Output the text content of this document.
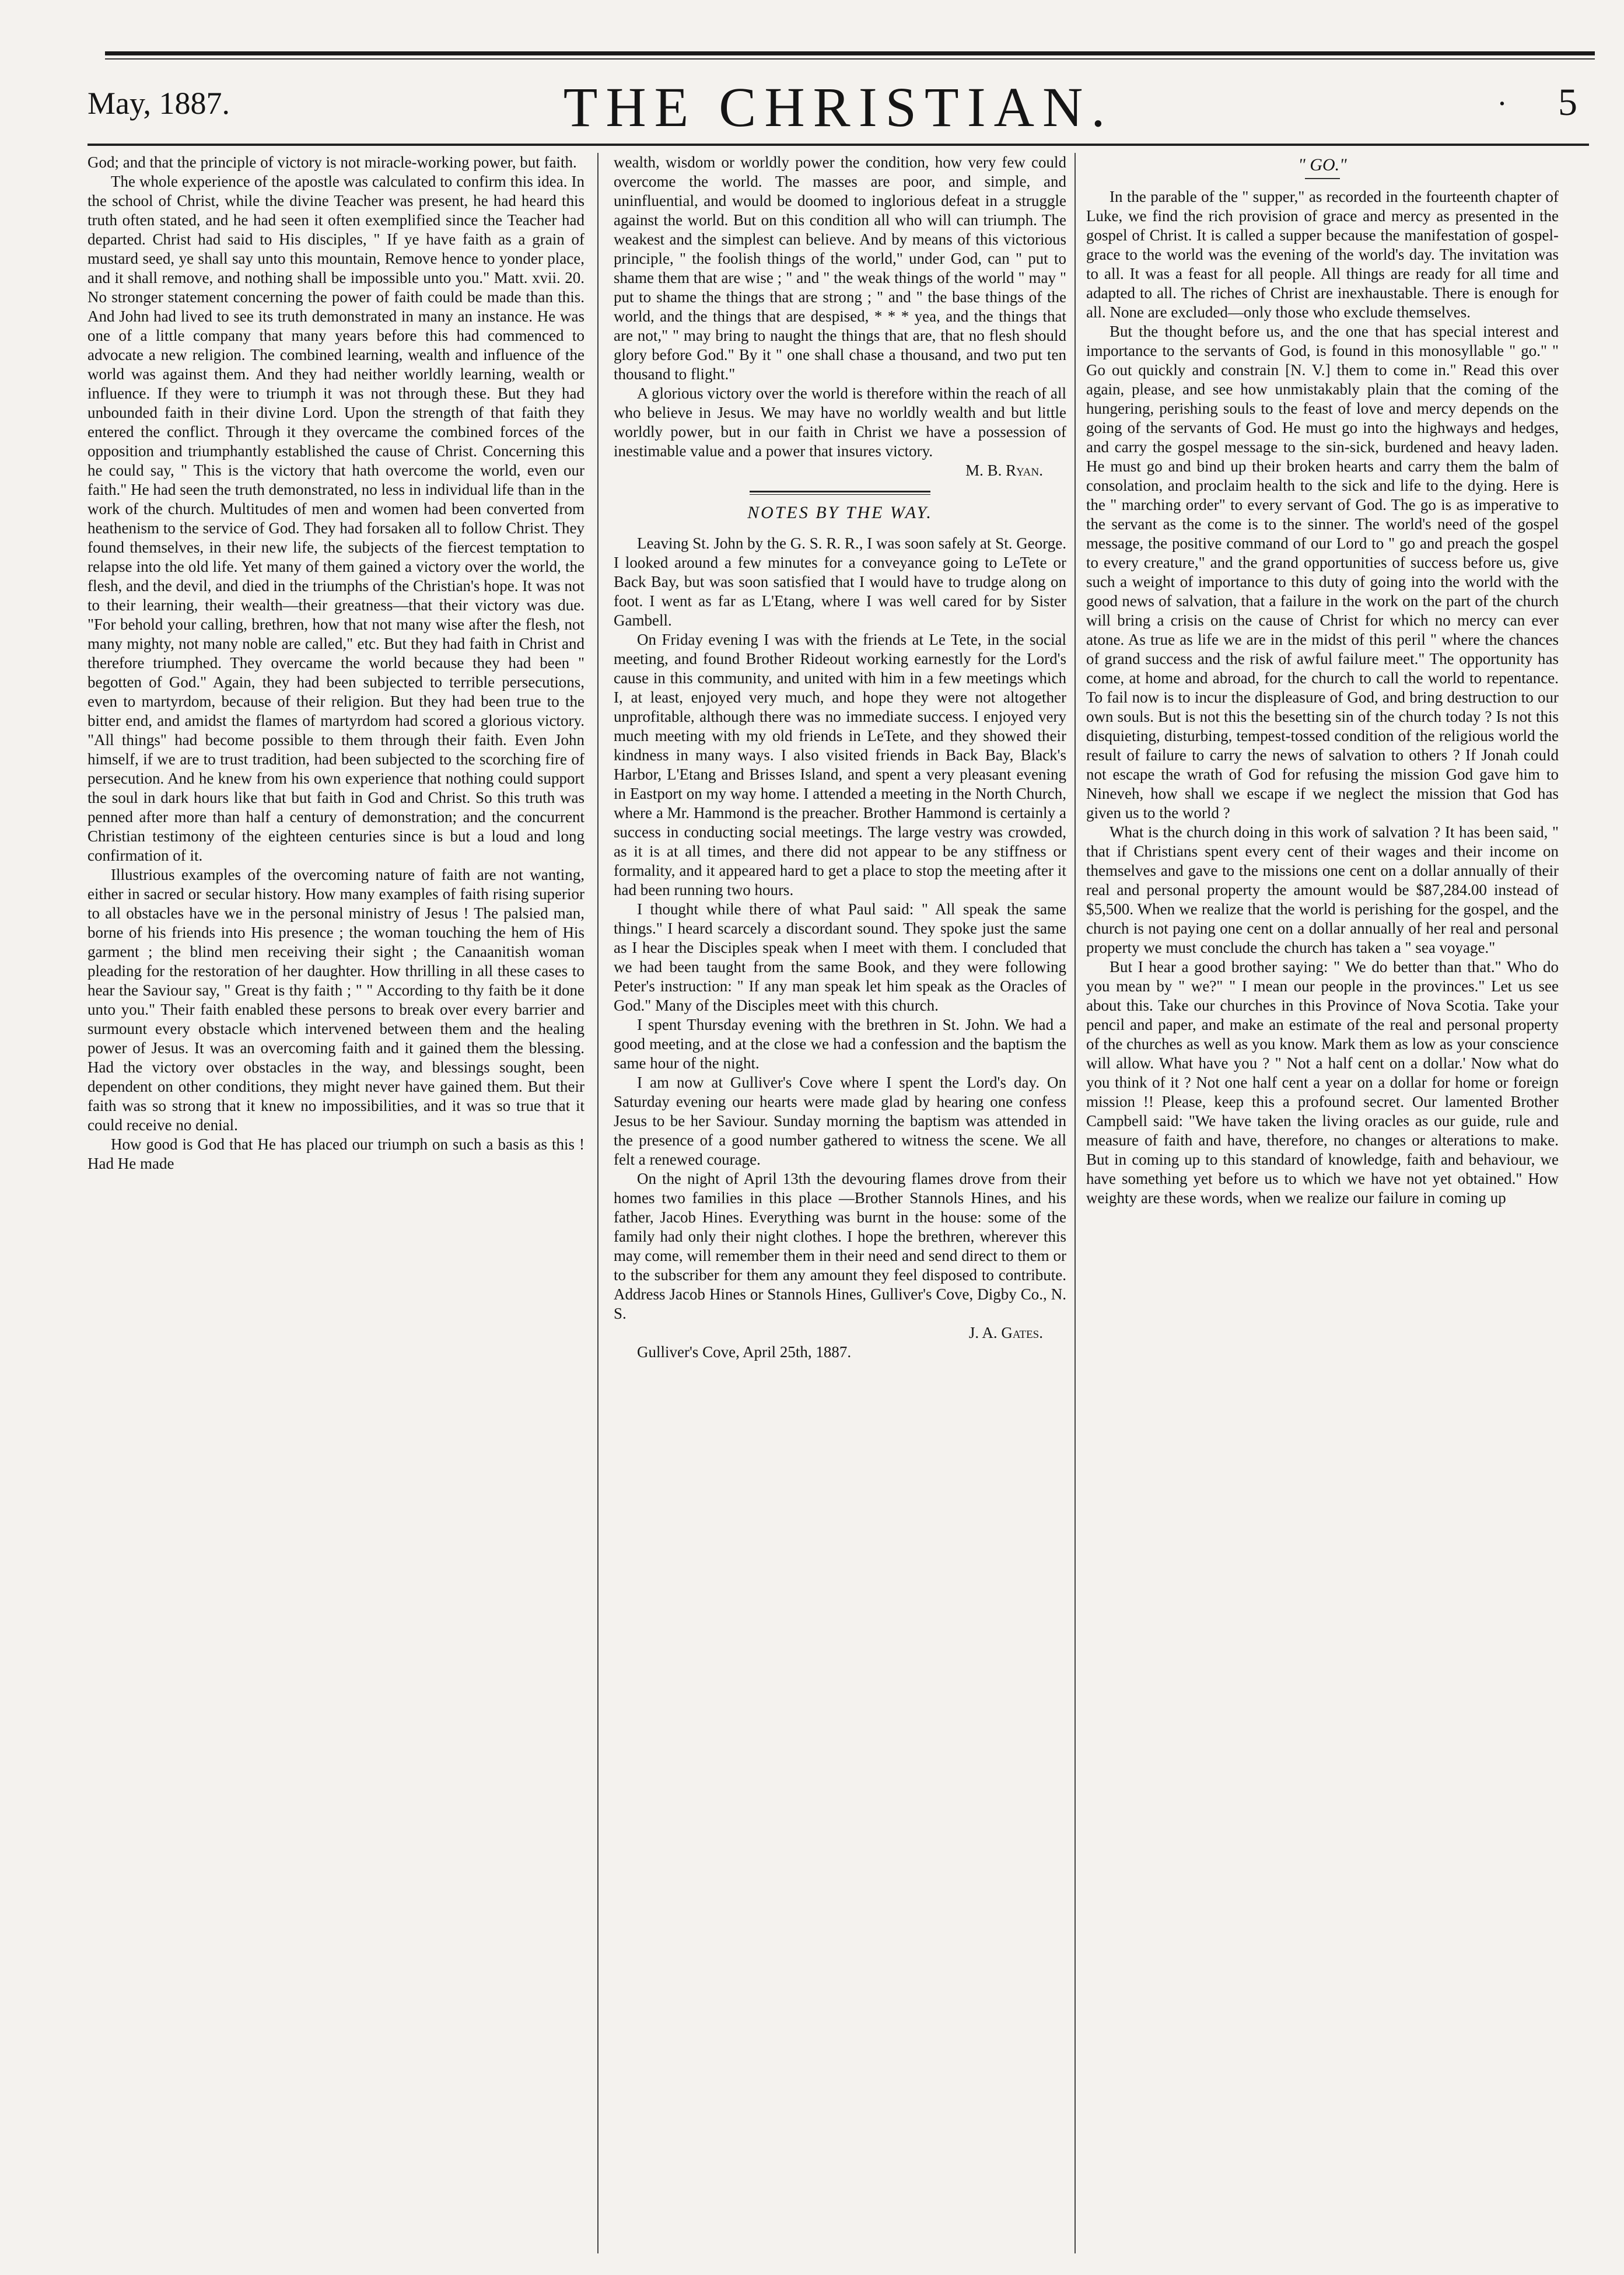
May, 1887.	THE CHRISTIAN.	· 5

God; and that the principle of victory is not miracle-working power, but faith.

The whole experience of the apostle was calculated to confirm this idea. In the school of Christ, while the divine Teacher was present, he had heard this truth often stated, and he had seen it often exemplified since the Teacher had departed. Christ had said to His disciples, " If ye have faith as a grain of mustard seed, ye shall say unto this mountain, Remove hence to yonder place, and it shall remove, and nothing shall be impossible unto you." Matt. xvii. 20. No stronger statement concerning the power of faith could be made than this. And John had lived to see its truth demonstrated in many an instance. He was one of a little company that many years before this had commenced to advocate a new religion. The combined learning, wealth and influence of the world was against them. And they had neither worldly learning, wealth or influence. If they were to triumph it was not through these. But they had unbounded faith in their divine Lord. Upon the strength of that faith they entered the conflict. Through it they overcame the combined forces of the opposition and triumphantly established the cause of Christ. Concerning this he could say, " This is the victory that hath overcome the world, even our faith." He had seen the truth demonstrated, no less in individual life than in the work of the church. Multitudes of men and women had been converted from heathenism to the service of God. They had forsaken all to follow Christ. They found themselves, in their new life, the subjects of the fiercest temptation to relapse into the old life. Yet many of them gained a victory over the world, the flesh, and the devil, and died in the triumphs of the Christian's hope. It was not to their learning, their wealth—their greatness—that their victory was due. "For behold your calling, brethren, how that not many wise after the flesh, not many mighty, not many noble are called," etc. But they had faith in Christ and therefore triumphed. They overcame the world because they had been " begotten of God." Again, they had been subjected to terrible persecutions, even to martyrdom, because of their religion. But they had been true to the bitter end, and amidst the flames of martyrdom had scored a glorious victory. "All things" had become possible to them through their faith. Even John himself, if we are to trust tradition, had been subjected to the scorching fire of persecution. And he knew from his own experience that nothing could support the soul in dark hours like that but faith in God and Christ. So this truth was penned after more than half a century of demonstration; and the concurrent Christian testimony of the eighteen centuries since is but a loud and long confirmation of it.

Illustrious examples of the overcoming nature of faith are not wanting, either in sacred or secular history. How many examples of faith rising superior to all obstacles have we in the personal ministry of Jesus ! The palsied man, borne of his friends into His presence ; the woman touching the hem of His garment ; the blind men receiving their sight ; the Canaanitish woman pleading for the restoration of her daughter. How thrilling in all these cases to hear the Saviour say, " Great is thy faith ; " " According to thy faith be it done unto you." Their faith enabled these persons to break over every barrier and surmount every obstacle which intervened between them and the healing power of Jesus. It was an overcoming faith and it gained them the blessing. Had the victory over obstacles in the way, and blessings sought, been dependent on other conditions, they might never have gained them. But their faith was so strong that it knew no impossibilities, and it was so true that it could receive no denial.

How good is God that He has placed our triumph on such a basis as this ! Had He made

wealth, wisdom or worldly power the condition, how very few could overcome the world. The masses are poor, and simple, and uninfluential, and would be doomed to inglorious defeat in a struggle against the world. But on this condition all who will can triumph. The weakest and the simplest can believe. And by means of this victorious principle, " the foolish things of the world," under God, can " put to shame them that are wise ; " and " the weak things of the world " may " put to shame the things that are strong ; " and " the base things of the world, and the things that are despised, * * * yea, and the things that are not," " may bring to naught the things that are, that no flesh should glory before God." By it " one shall chase a thousand, and two put ten thousand to flight."

A glorious victory over the world is therefore within the reach of all who believe in Jesus. We may have no worldly wealth and but little worldly power, but in our faith in Christ we have a possession of inestimable value and a power that insures victory.

M. B. Ryan.

NOTES BY THE WAY.

Leaving St. John by the G. S. R. R., I was soon safely at St. George. I looked around a few minutes for a conveyance going to LeTete or Back Bay, but was soon satisfied that I would have to trudge along on foot. I went as far as L'Etang, where I was well cared for by Sister Gambell.

On Friday evening I was with the friends at Le Tete, in the social meeting, and found Brother Rideout working earnestly for the Lord's cause in this community, and united with him in a few meetings which I, at least, enjoyed very much, and hope they were not altogether unprofitable, although there was no immediate success. I enjoyed very much meeting with my old friends in LeTete, and they showed their kindness in many ways. I also visited friends in Back Bay, Black's Harbor, L'Etang and Brisses Island, and spent a very pleasant evening in Eastport on my way home. I attended a meeting in the North Church, where a Mr. Hammond is the preacher. Brother Hammond is certainly a success in conducting social meetings. The large vestry was crowded, as it is at all times, and there did not appear to be any stiffness or formality, and it appeared hard to get a place to stop the meeting after it had been running two hours.

I thought while there of what Paul said: " All speak the same things." I heard scarcely a discordant sound. They spoke just the same as I hear the Disciples speak when I meet with them. I concluded that we had been taught from the same Book, and they were following Peter's instruction: " If any man speak let him speak as the Oracles of God." Many of the Disciples meet with this church.

I spent Thursday evening with the brethren in St. John. We had a good meeting, and at the close we had a confession and the baptism the same hour of the night.

I am now at Gulliver's Cove where I spent the Lord's day. On Saturday evening our hearts were made glad by hearing one confess Jesus to be her Saviour. Sunday morning the baptism was attended in the presence of a good number gathered to witness the scene. We all felt a renewed courage.

On the night of April 13th the devouring flames drove from their homes two families in this place —Brother Stannols Hines, and his father, Jacob Hines. Everything was burnt in the house: some of the family had only their night clothes. I hope the brethren, wherever this may come, will remember them in their need and send direct to them or to the subscriber for them any amount they feel disposed to contribute. Address Jacob Hines or Stannols Hines, Gulliver's Cove, Digby Co., N. S.

J. A. Gates.

Gulliver's Cove, April 25th, 1887.

" GO."

In the parable of the " supper," as recorded in the fourteenth chapter of Luke, we find the rich provision of grace and mercy as presented in the gospel of Christ. It is called a supper because the manifestation of gospel-grace to the world was the evening of the world's day. The invitation was to all. It was a feast for all people. All things are ready for all time and adapted to all. The riches of Christ are inexhaustable. There is enough for all. None are excluded—only those who exclude themselves.

But the thought before us, and the one that has special interest and importance to the servants of God, is found in this monosyllable " go." " Go out quickly and constrain [N. V.] them to come in." Read this over again, please, and see how unmistakably plain that the coming of the hungering, perishing souls to the feast of love and mercy depends on the going of the servants of God. He must go into the highways and hedges, and carry the gospel message to the sin-sick, burdened and heavy laden. He must go and bind up their broken hearts and carry them the balm of consolation, and proclaim health to the sick and life to the dying. Here is the " marching order" to every servant of God. The go is as imperative to the servant as the come is to the sinner. The world's need of the gospel message, the positive command of our Lord to " go and preach the gospel to every creature," and the grand opportunities of success before us, give such a weight of importance to this duty of going into the world with the good news of salvation, that a failure in the work on the part of the church will bring a crisis on the cause of Christ for which no mercy can ever atone. As true as life we are in the midst of this peril " where the chances of grand success and the risk of awful failure meet." The opportunity has come, at home and abroad, for the church to call the world to repentance. To fail now is to incur the displeasure of God, and bring destruction to our own souls. But is not this the besetting sin of the church today ? Is not this disquieting, disturbing, tempest-tossed condition of the religious world the result of failure to carry the news of salvation to others ? If Jonah could not escape the wrath of God for refusing the mission God gave him to Nineveh, how shall we escape if we neglect the mission that God has given us to the world ?

What is the church doing in this work of salvation ? It has been said, " that if Christians spent every cent of their wages and their income on themselves and gave to the missions one cent on a dollar annually of their real and personal property the amount would be $87,284.00 instead of $5,500. When we realize that the world is perishing for the gospel, and the church is not paying one cent on a dollar annually of her real and personal property we must conclude the church has taken a " sea voyage."

But I hear a good brother saying: " We do better than that." Who do you mean by " we?" " I mean our people in the provinces." Let us see about this. Take our churches in this Province of Nova Scotia. Take your pencil and paper, and make an estimate of the real and personal property of the churches as well as you know. Mark them as low as your conscience will allow. What have you ? " Not a half cent on a dollar.' Now what do you think of it ? Not one half cent a year on a dollar for home or foreign mission !! Please, keep this a profound secret. Our lamented Brother Campbell said: "We have taken the living oracles as our guide, rule and measure of faith and have, therefore, no changes or alterations to make. But in coming up to this standard of knowledge, faith and behaviour, we have something yet before us to which we have not yet obtained." How weighty are these words, when we realize our failure in coming up
